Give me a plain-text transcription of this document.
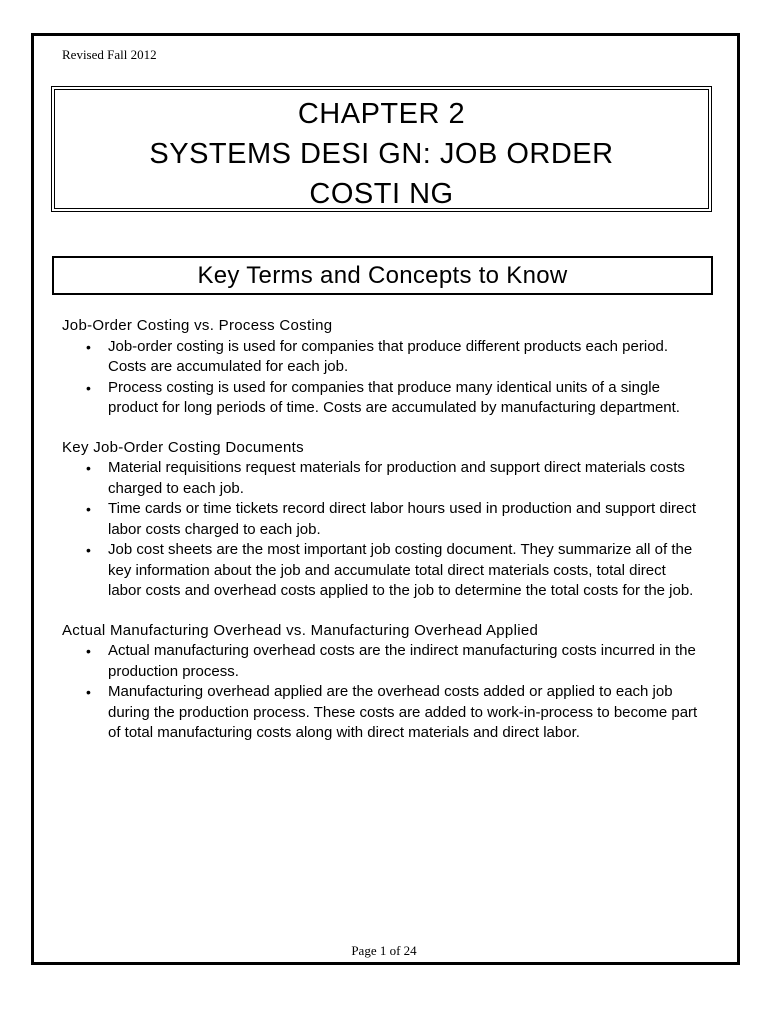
Revised Fall 2012
CHAPTER 2
SYSTEMS DESI GN: JOB ORDER
COSTI NG
Key Terms and Concepts to Know
Job-Order Costing vs. Process Costing
• Job-order costing is used for companies that produce different products each period. Costs are accumulated for each job.
• Process costing is used for companies that produce many identical units of a single product for long periods of time. Costs are accumulated by manufacturing department.
Key Job-Order Costing Documents
• Material requisitions request materials for production and support direct materials costs charged to each job.
• Time cards or time tickets record direct labor hours used in production and support direct labor costs charged to each job.
• Job cost sheets are the most important job costing document. They summarize all of the key information about the job and accumulate total direct materials costs, total direct labor costs and overhead costs applied to the job to determine the total costs for the job.
Actual Manufacturing Overhead vs. Manufacturing Overhead Applied
• Actual manufacturing overhead costs are the indirect manufacturing costs incurred in the production process.
• Manufacturing overhead applied are the overhead costs added or applied to each job during the production process. These costs are added to work-in-process to become part of total manufacturing costs along with direct materials and direct labor.
Page 1 of 24
